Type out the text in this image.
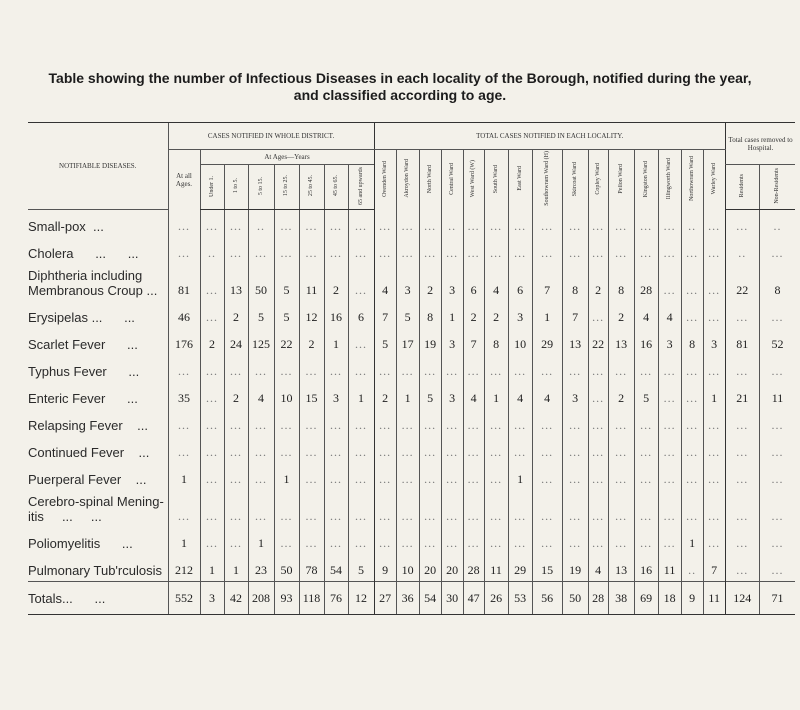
Table showing the number of Infectious Diseases in each locality of the Borough, notified during the year,
and classified according to age.
NOTIFIABLE DISEASES.	CASES NOTIFIED IN WHOLE DISTRICT.								TOTAL CASES NOTIFIED IN EACH LOCALITY.															Total cases removed to Hospital.	
	At all Ages.	At Ages—Years							Ovenden Ward	Akroydon Ward	North Ward	Central Ward	West Ward (W)	South Ward	East Ward	Southowram Ward (H)	Skircoat Ward	Copley Ward	Pellon Ward	Kingston Ward	Illingworth Ward	Northowram Ward	Warley Ward		
		Under 1.	1 to 5.	5 to 15.	15 to 25.	25 to 45.	45 to 65.	65 and upwards																Residents	Non-Residents
Small-pox  ...	...	...	...	..	...	...	...	...	...	...	...	..	...	...	...	...	...	...	...	...	...	..	...	...	..
Cholera      ...      ...	...	..	...	...	...	...	...	...	...	...	...	...	...	...	...	...	...	...	...	...	...	...	...	..	...
Diphtheria including
Membranous Croup ...	81	...	13	50	5	11	2	...	4	3	2	3	6	4	6	7	8	2	8	28	...	...	...	22	8
Erysipelas ...      ...	46	...	2	5	5	12	16	6	7	5	8	1	2	2	3	1	7	...	2	4	4	...	...	...	...
Scarlet Fever      ...	176	2	24	125	22	2	1	...	5	17	19	3	7	8	10	29	13	22	13	16	3	8	3	81	52
Typhus Fever      ...	...	...	...	...	...	...	...	...	...	...	...	...	...	...	...	...	...	...	...	...	...	...	...	...	...
Enteric Fever      ...	35	...	2	4	10	15	3	1	2	1	5	3	4	1	4	4	3	...	2	5	...	...	1	21	11
Relapsing Fever    ...	...	...	...	...	...	...	...	...	...	...	...	...	...	...	...	...	...	...	...	...	...	...	...	...	...
Continued Fever    ...	...	...	...	...	...	...	...	...	...	...	...	...	...	...	...	...	...	...	...	...	...	...	...	...	...
Puerperal Fever    ...	1	...	...	...	1	...	...	...	...	...	...	...	...	...	1	...	...	...	...	...	...	...	...	...	...
Cerebro-spinal Mening-
itis     ...     ...	...	...	...	...	...	...	...	...	...	...	...	...	...	...	...	...	...	...	...	...	...	...	...	...	...
Poliomyelitis      ...	1	...	...	1	...	...	...	...	...	...	...	...	...	...	...	...	...	...	...	...	...	1	...	...	...
Pulmonary Tub'rculosis	212	1	1	23	50	78	54	5	9	10	20	20	28	11	29	15	19	4	13	16	11	..	7	...	...
Totals...      ...	552	3	42	208	93	118	76	12	27	36	54	30	47	26	53	56	50	28	38	69	18	9	11	124	71
